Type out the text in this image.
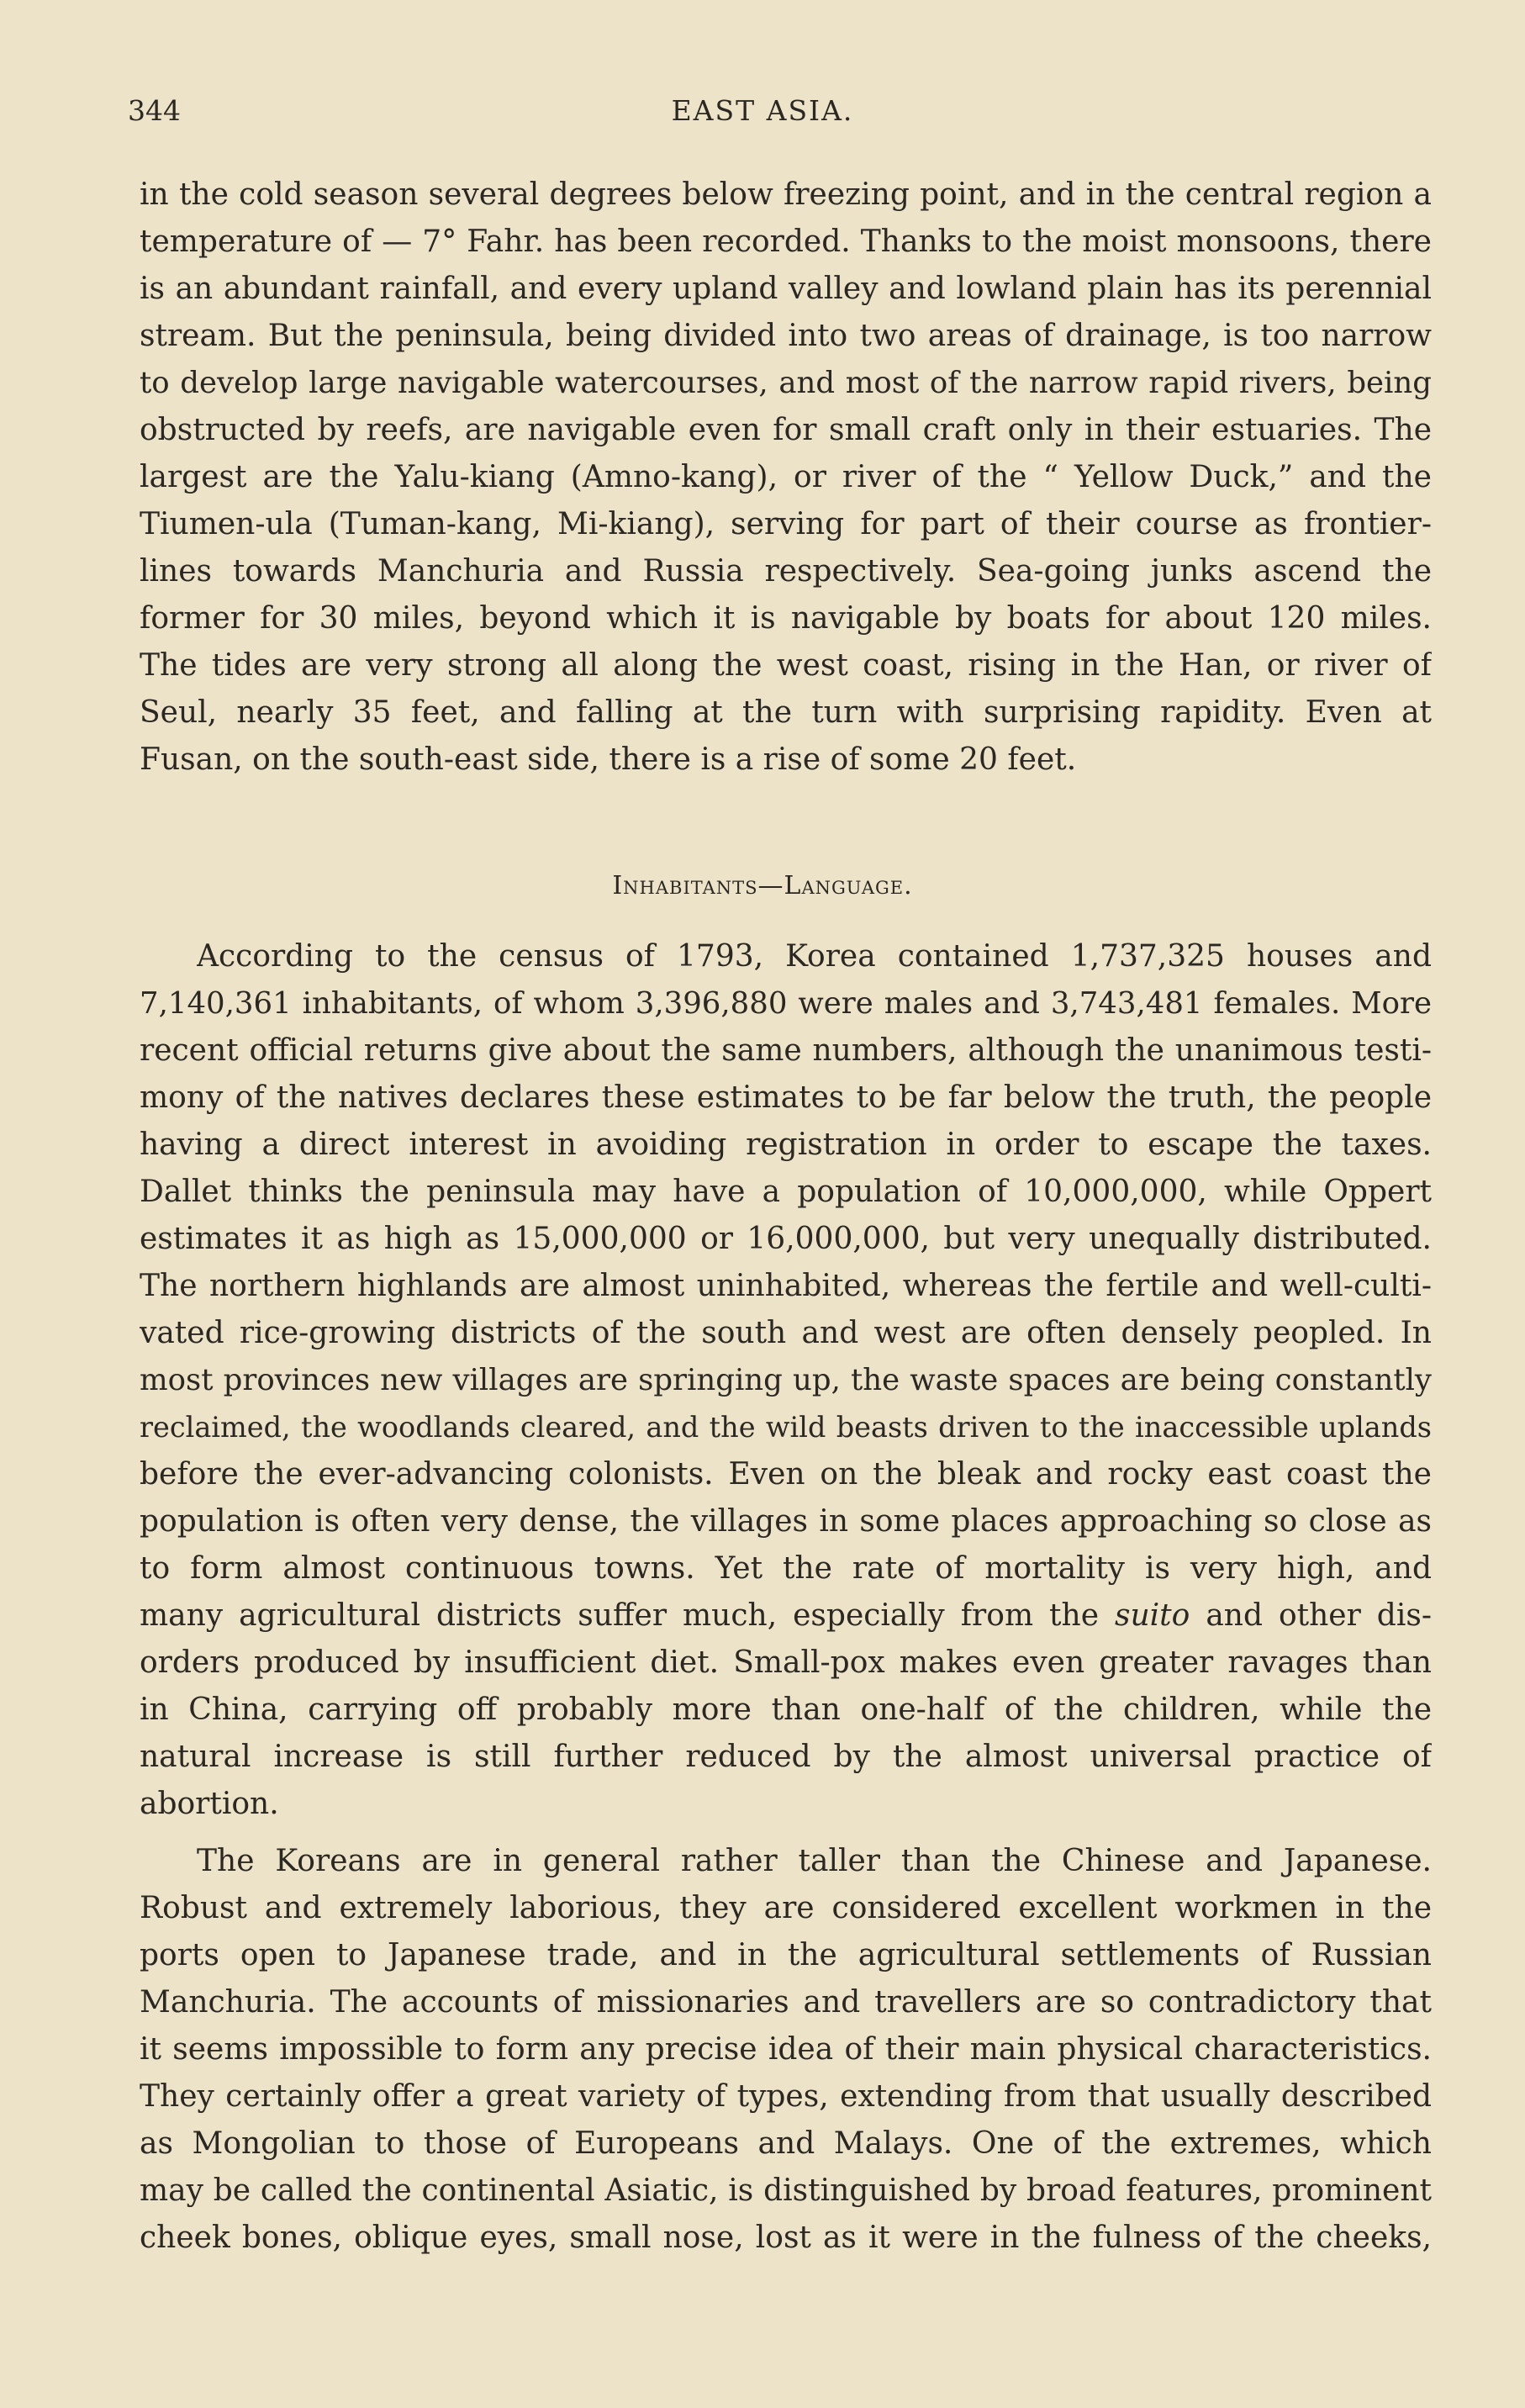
344	EAST ASIA.
in the cold season several degrees below freezing point, and in the central region a
temperature of — 7° Fahr. has been recorded. Thanks to the moist monsoons, there
is an abundant rainfall, and every upland valley and lowland plain has its perennial
stream. But the peninsula, being divided into two areas of drainage, is too narrow
to develop large navigable watercourses, and most of the narrow rapid rivers, being
obstructed by reefs, are navigable even for small craft only in their estuaries. The
largest are the Yalu-kiang (Amno-kang), or river of the “ Yellow Duck,” and the
Tiumen-ula (Tuman-kang, Mi-kiang), serving for part of their course as frontier-
lines towards Manchuria and Russia respectively. Sea-going junks ascend the
former for 30 miles, beyond which it is navigable by boats for about 120 miles.
The tides are very strong all along the west coast, rising in the Han, or river of
Seul, nearly 35 feet, and falling at the turn with surprising rapidity. Even at
Fusan, on the south-east side, there is a rise of some 20 feet.
Inhabitants—Language.
According to the census of 1793, Korea contained 1,737,325 houses and
7,140,361 inhabitants, of whom 3,396,880 were males and 3,743,481 females. More
recent official returns give about the same numbers, although the unanimous testi-
mony of the natives declares these estimates to be far below the truth, the people
having a direct interest in avoiding registration in order to escape the taxes.
Dallet thinks the peninsula may have a population of 10,000,000, while Oppert
estimates it as high as 15,000,000 or 16,000,000, but very unequally distributed.
The northern highlands are almost uninhabited, whereas the fertile and well-culti-
vated rice-growing districts of the south and west are often densely peopled. In
most provinces new villages are springing up, the waste spaces are being constantly
reclaimed, the woodlands cleared, and the wild beasts driven to the inaccessible uplands
before the ever-advancing colonists. Even on the bleak and rocky east coast the
population is often very dense, the villages in some places approaching so close as
to form almost continuous towns. Yet the rate of mortality is very high, and
many agricultural districts suffer much, especially from the suito and other dis-
orders produced by insufficient diet. Small-pox makes even greater ravages than
in China, carrying off probably more than one-half of the children, while the
natural increase is still further reduced by the almost universal practice of
abortion.
The Koreans are in general rather taller than the Chinese and Japanese.
Robust and extremely laborious, they are considered excellent workmen in the
ports open to Japanese trade, and in the agricultural settlements of Russian
Manchuria. The accounts of missionaries and travellers are so contradictory that
it seems impossible to form any precise idea of their main physical characteristics.
They certainly offer a great variety of types, extending from that usually described
as Mongolian to those of Europeans and Malays. One of the extremes, which
may be called the continental Asiatic, is distinguished by broad features, prominent
cheek bones, oblique eyes, small nose, lost as it were in the fulness of the cheeks,
